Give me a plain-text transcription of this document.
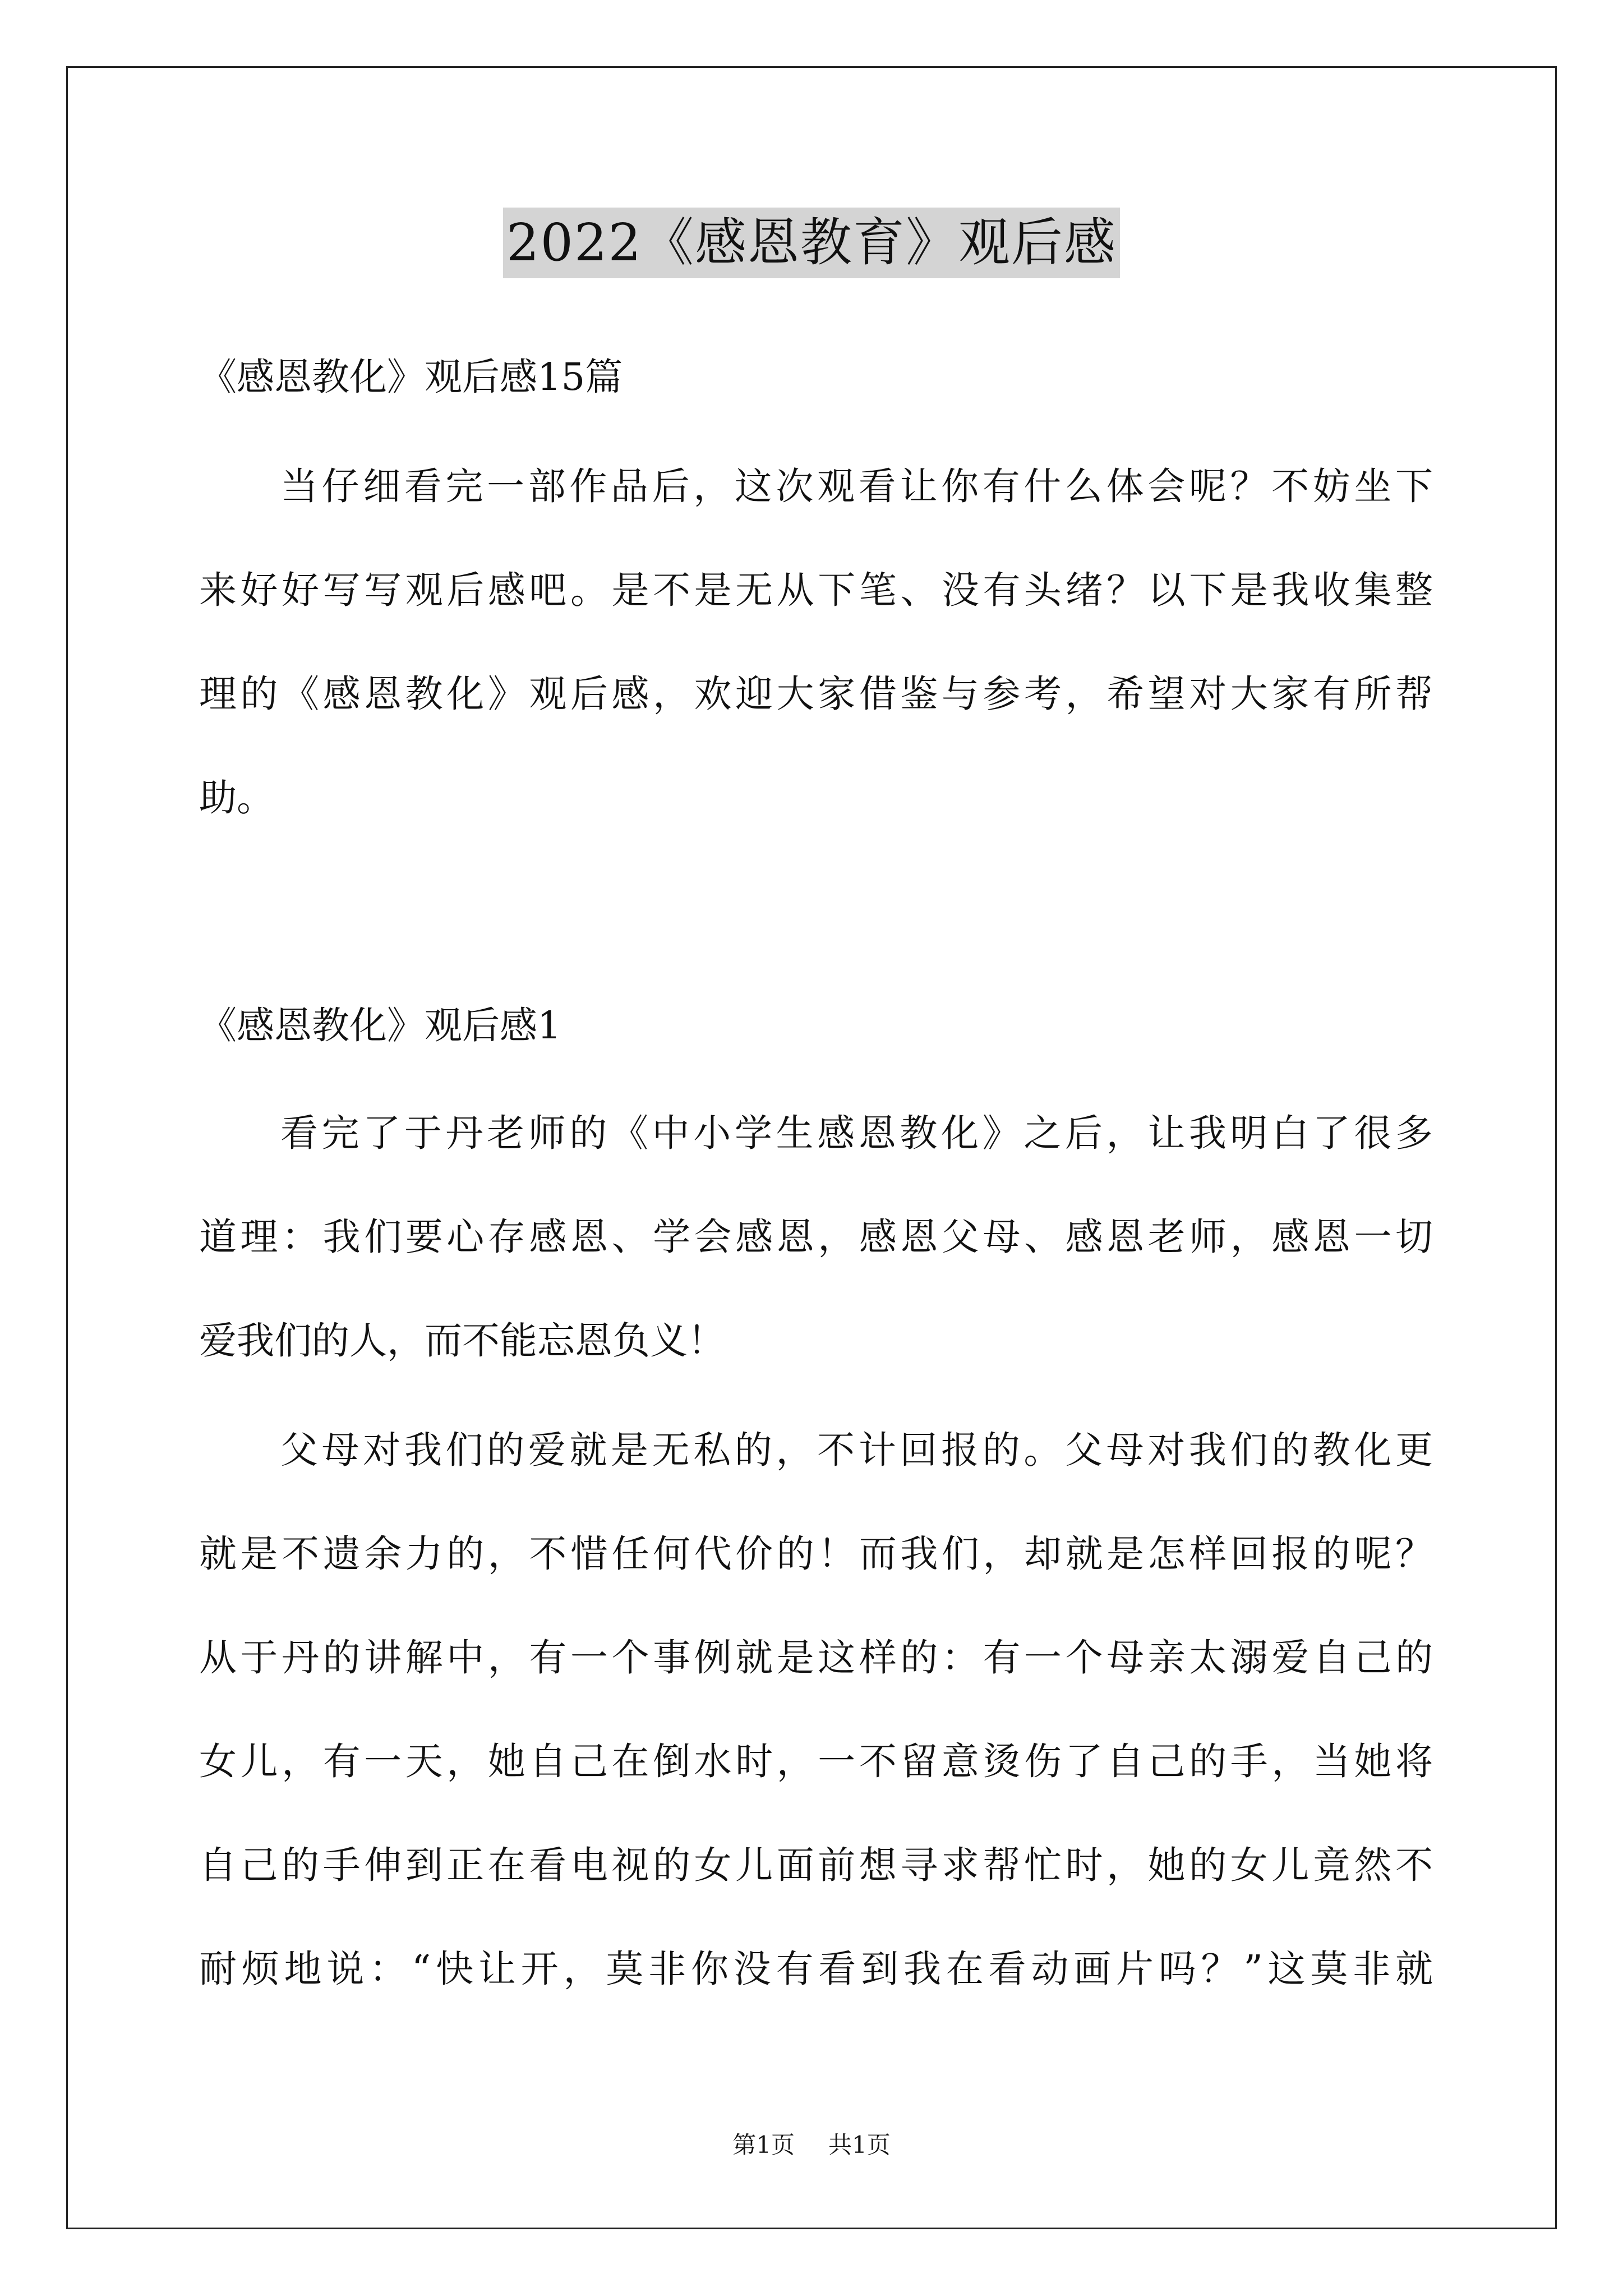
2022《感恩教育》观后感
《感恩教化》观后感15篇
当仔细看完一部作品后，这次观看让你有什么体会呢？不妨坐下
来好好写写观后感吧。是不是无从下笔、没有头绪？以下是我收集整
理的《感恩教化》观后感，欢迎大家借鉴与参考，希望对大家有所帮
助。
《感恩教化》观后感1
看完了于丹老师的《中小学生感恩教化》之后，让我明白了很多
道理：我们要心存感恩、学会感恩，感恩父母、感恩老师，感恩一切
爱我们的人，而不能忘恩负义！
父母对我们的爱就是无私的，不计回报的。父母对我们的教化更
就是不遗余力的，不惜任何代价的！而我们，却就是怎样回报的呢？
从于丹的讲解中，有一个事例就是这样的：有一个母亲太溺爱自己的
女儿，有一天，她自己在倒水时，一不留意烫伤了自己的手，当她将
自己的手伸到正在看电视的女儿面前想寻求帮忙时，她的女儿竟然不
耐烦地说：“快让开，莫非你没有看到我在看动画片吗？”这莫非就
第1页 共1页
